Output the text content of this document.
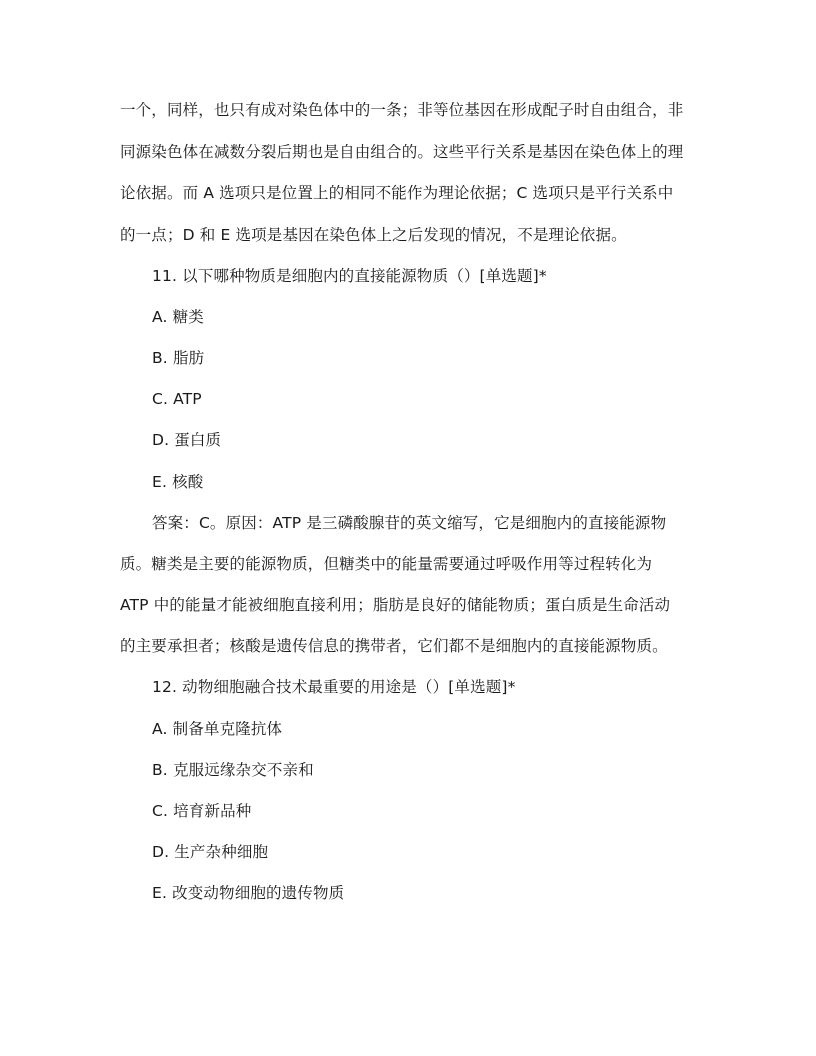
一个，同样，也只有成对染色体中的一条；非等位基因在形成配子时自由组合，非
同源染色体在减数分裂后期也是自由组合的。这些平行关系是基因在染色体上的理
论依据。而 A 选项只是位置上的相同不能作为理论依据；C 选项只是平行关系中
的一点；D 和 E 选项是基因在染色体上之后发现的情况，不是理论依据。
11. 以下哪种物质是细胞内的直接能源物质（）[单选题]*
A. 糖类
B. 脂肪
C. ATP
D. 蛋白质
E. 核酸
答案：C。原因：ATP 是三磷酸腺苷的英文缩写，它是细胞内的直接能源物
质。糖类是主要的能源物质，但糖类中的能量需要通过呼吸作用等过程转化为
ATP 中的能量才能被细胞直接利用；脂肪是良好的储能物质；蛋白质是生命活动
的主要承担者；核酸是遗传信息的携带者，它们都不是细胞内的直接能源物质。
12. 动物细胞融合技术最重要的用途是（）[单选题]*
A. 制备单克隆抗体
B. 克服远缘杂交不亲和
C. 培育新品种
D. 生产杂种细胞
E. 改变动物细胞的遗传物质
